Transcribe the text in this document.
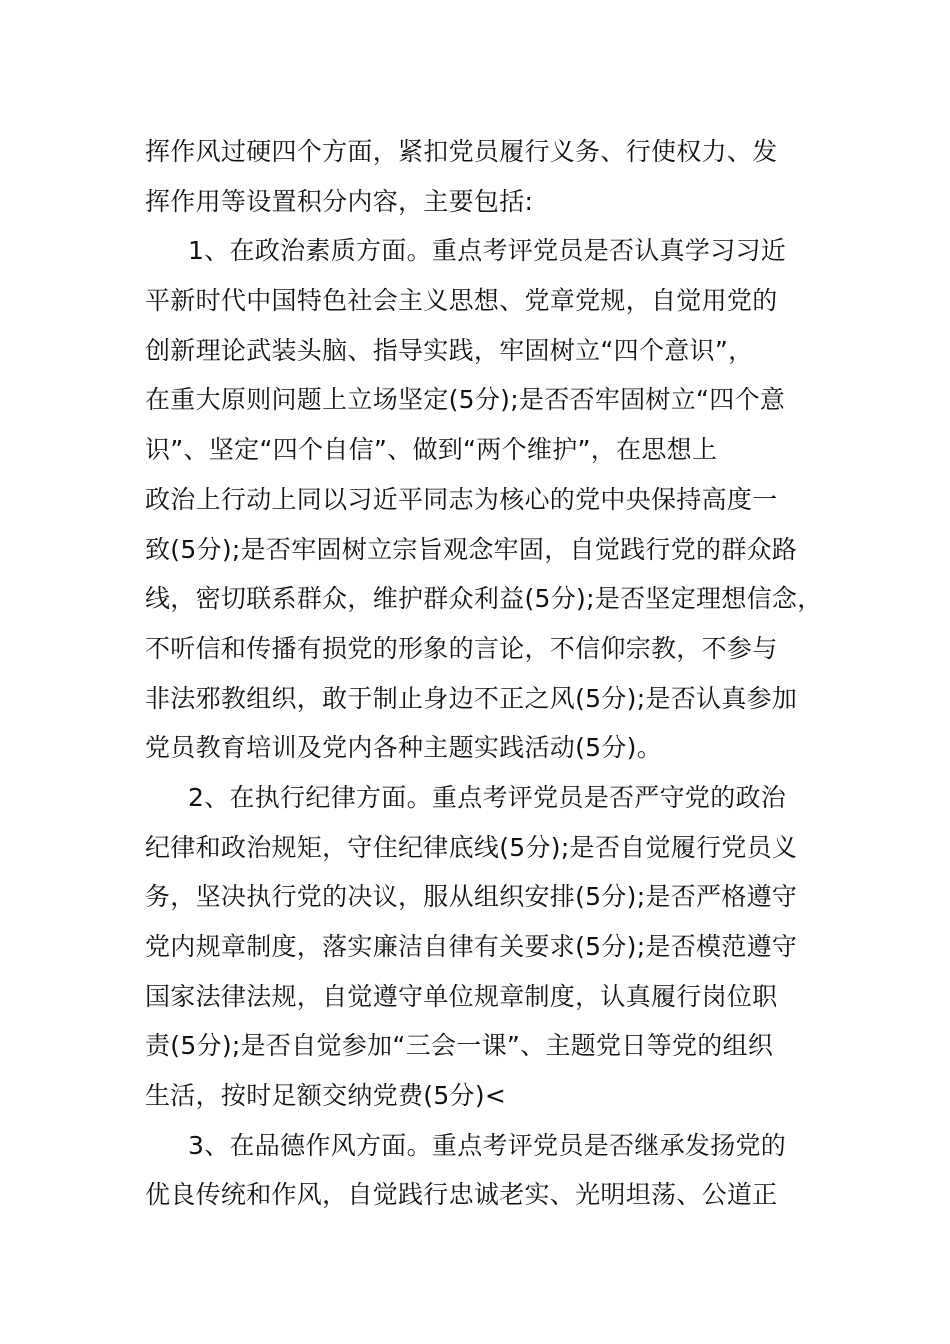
挥作风过硬四个方面，紧扣党员履行义务、行使权力、发
挥作用等设置积分内容，主要包括:
1、在政治素质方面。重点考评党员是否认真学习习近
平新时代中国特色社会主义思想、党章党规，自觉用党的
创新理论武装头脑、指导实践，牢固树立“四个意识”，
在重大原则问题上立场坚定(5分);是否否牢固树立“四个意
识”、坚定“四个自信”、做到“两个维护”，在思想上
政治上行动上同以习近平同志为核心的党中央保持高度一
致(5分);是否牢固树立宗旨观念牢固，自觉践行党的群众路
线，密切联系群众，维护群众利益(5分);是否坚定理想信念，
不听信和传播有损党的形象的言论，不信仰宗教，不参与
非法邪教组织，敢于制止身边不正之风(5分);是否认真参加
党员教育培训及党内各种主题实践活动(5分)。
2、在执行纪律方面。重点考评党员是否严守党的政治
纪律和政治规矩，守住纪律底线(5分);是否自觉履行党员义
务，坚决执行党的决议，服从组织安排(5分);是否严格遵守
党内规章制度，落实廉洁自律有关要求(5分);是否模范遵守
国家法律法规，自觉遵守单位规章制度，认真履行岗位职
责(5分);是否自觉参加“三会一课”、主题党日等党的组织
生活，按时足额交纳党费(5分)<
3、在品德作风方面。重点考评党员是否继承发扬党的
优良传统和作风，自觉践行忠诚老实、光明坦荡、公道正
